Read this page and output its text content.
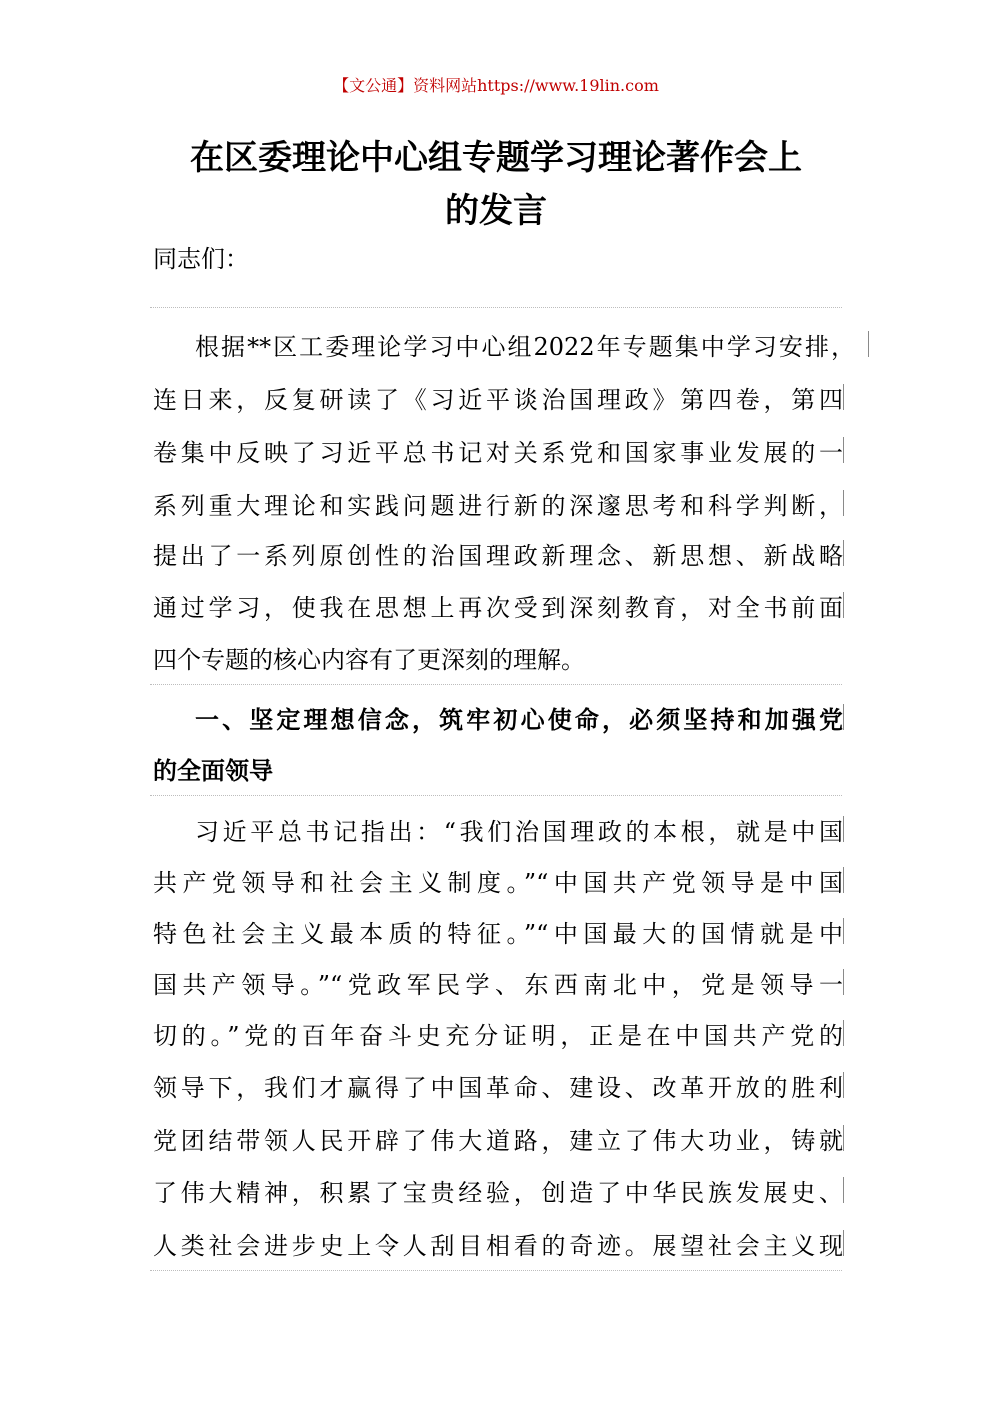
【文公通】资料网站https://www.19lin.com
在区委理论中心组专题学习理论著作会上
的发言
同志们：
根据**区工委理论学习中心组2022年专题集中学习安排，
连日来，反复研读了《习近平谈治国理政》第四卷，第四
卷集中反映了习近平总书记对关系党和国家事业发展的一
系列重大理论和实践问题进行新的深邃思考和科学判断，
提出了一系列原创性的治国理政新理念、新思想、新战略
通过学习，使我在思想上再次受到深刻教育，对全书前面
四个专题的核心内容有了更深刻的理解。
一、坚定理想信念，筑牢初心使命，必须坚持和加强党
的全面领导
习近平总书记指出：“我们治国理政的本根，就是中国
共产党领导和社会主义制度。”“中国共产党领导是中国
特色社会主义最本质的特征。”“中国最大的国情就是中
国共产领导。”“党政军民学、东西南北中，党是领导一
切的。”党的百年奋斗史充分证明，正是在中国共产党的
领导下，我们才赢得了中国革命、建设、改革开放的胜利
党团结带领人民开辟了伟大道路，建立了伟大功业，铸就
了伟大精神，积累了宝贵经验，创造了中华民族发展史、
人类社会进步史上令人刮目相看的奇迹。展望社会主义现
